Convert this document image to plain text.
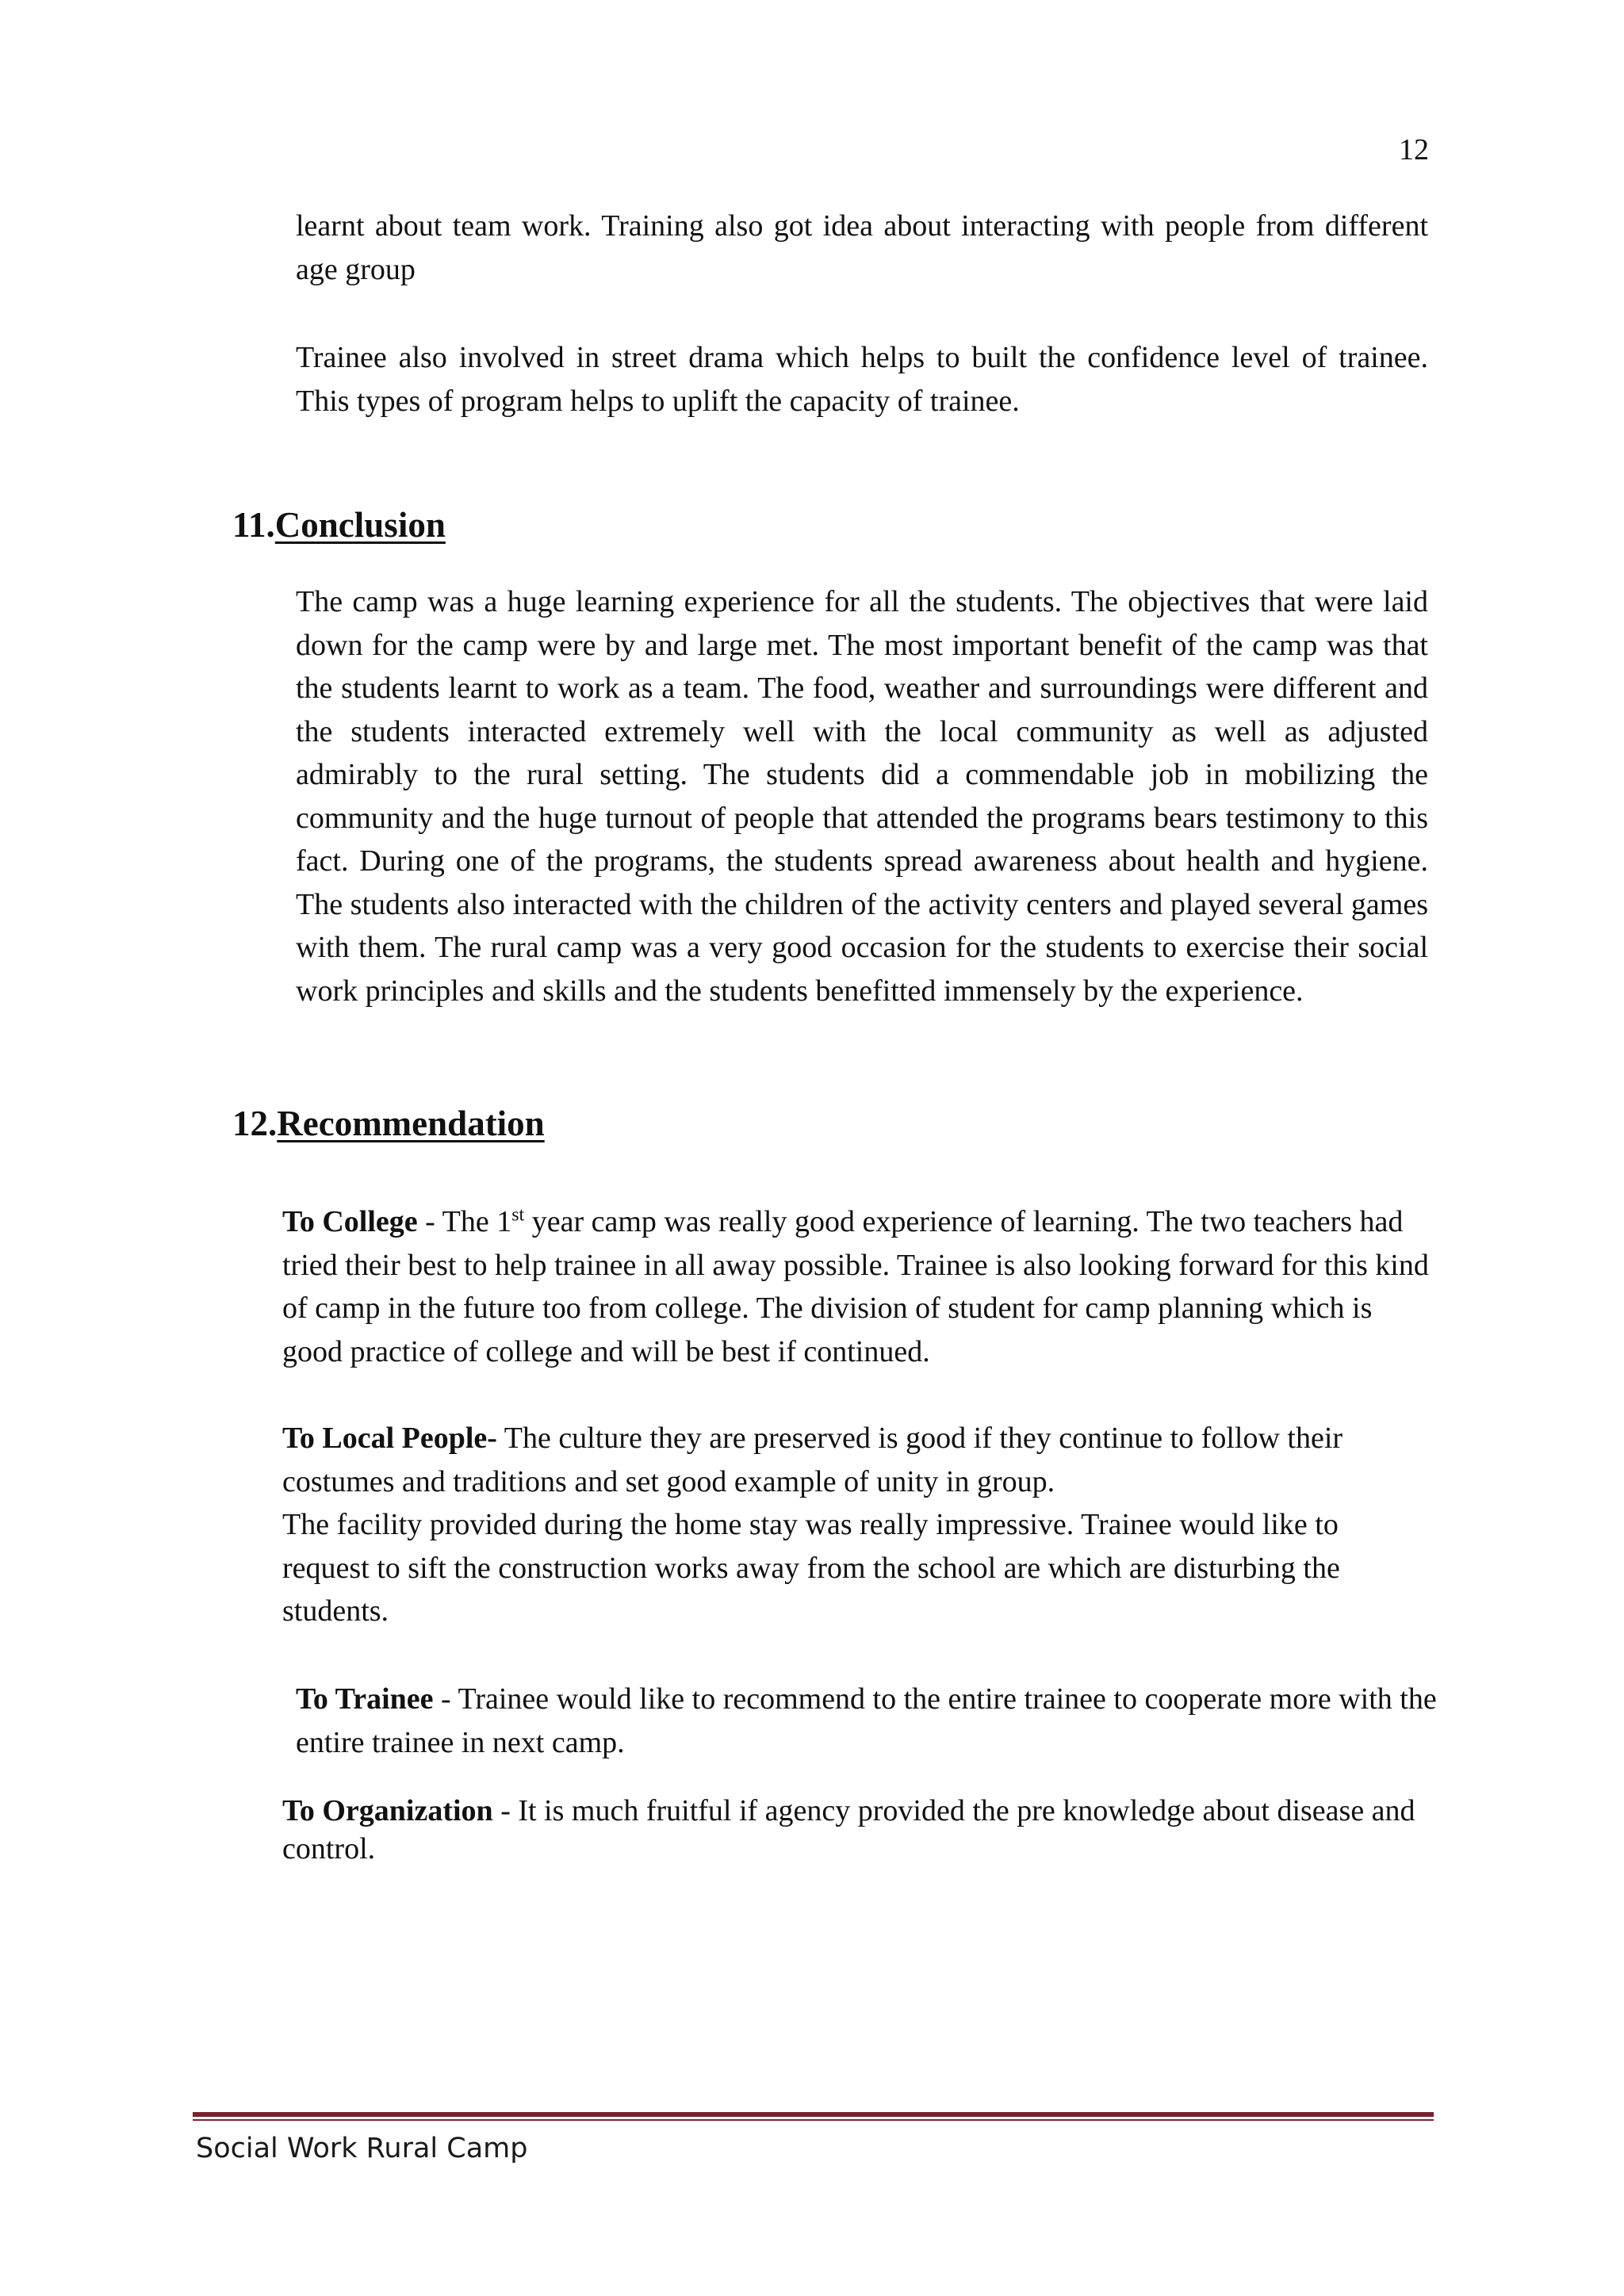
12

learnt about team work. Training also got idea about interacting with people from different age group

Trainee also involved in street drama which helps to built the confidence level of trainee. This types of program helps to uplift the capacity of trainee.

11.Conclusion

The camp was a huge learning experience for all the students. The objectives that were laid down for the camp were by and large met. The most important benefit of the camp was that the students learnt to work as a team. The food, weather and surroundings were different and the students interacted extremely well with the local community as well as adjusted admirably to the rural setting. The students did a commendable job in mobilizing the community and the huge turnout of people that attended the programs bears testimony to this fact. During one of the programs, the students spread awareness about health and hygiene. The students also interacted with the children of the activity centers and played several games with them. The rural camp was a very good occasion for the students to exercise their social work principles and skills and the students benefitted immensely by the experience.

12.Recommendation

To College - The 1st year camp was really good experience of learning. The two teachers had tried their best to help trainee in all away possible. Trainee is also looking forward for this kind of camp in the future too from college. The division of student for camp planning which is good practice of college and will be best if continued.

To Local People- The culture they are preserved is good if they continue to follow their costumes and traditions and set good example of unity in group.

The facility provided during the home stay was really impressive. Trainee would like to request to sift the construction works away from the school are which are disturbing the students.

To Trainee - Trainee would like to recommend to the entire trainee to cooperate more with the entire trainee in next camp.

To Organization - It is much fruitful if agency provided the pre knowledge about disease and control.

Social Work Rural Camp
